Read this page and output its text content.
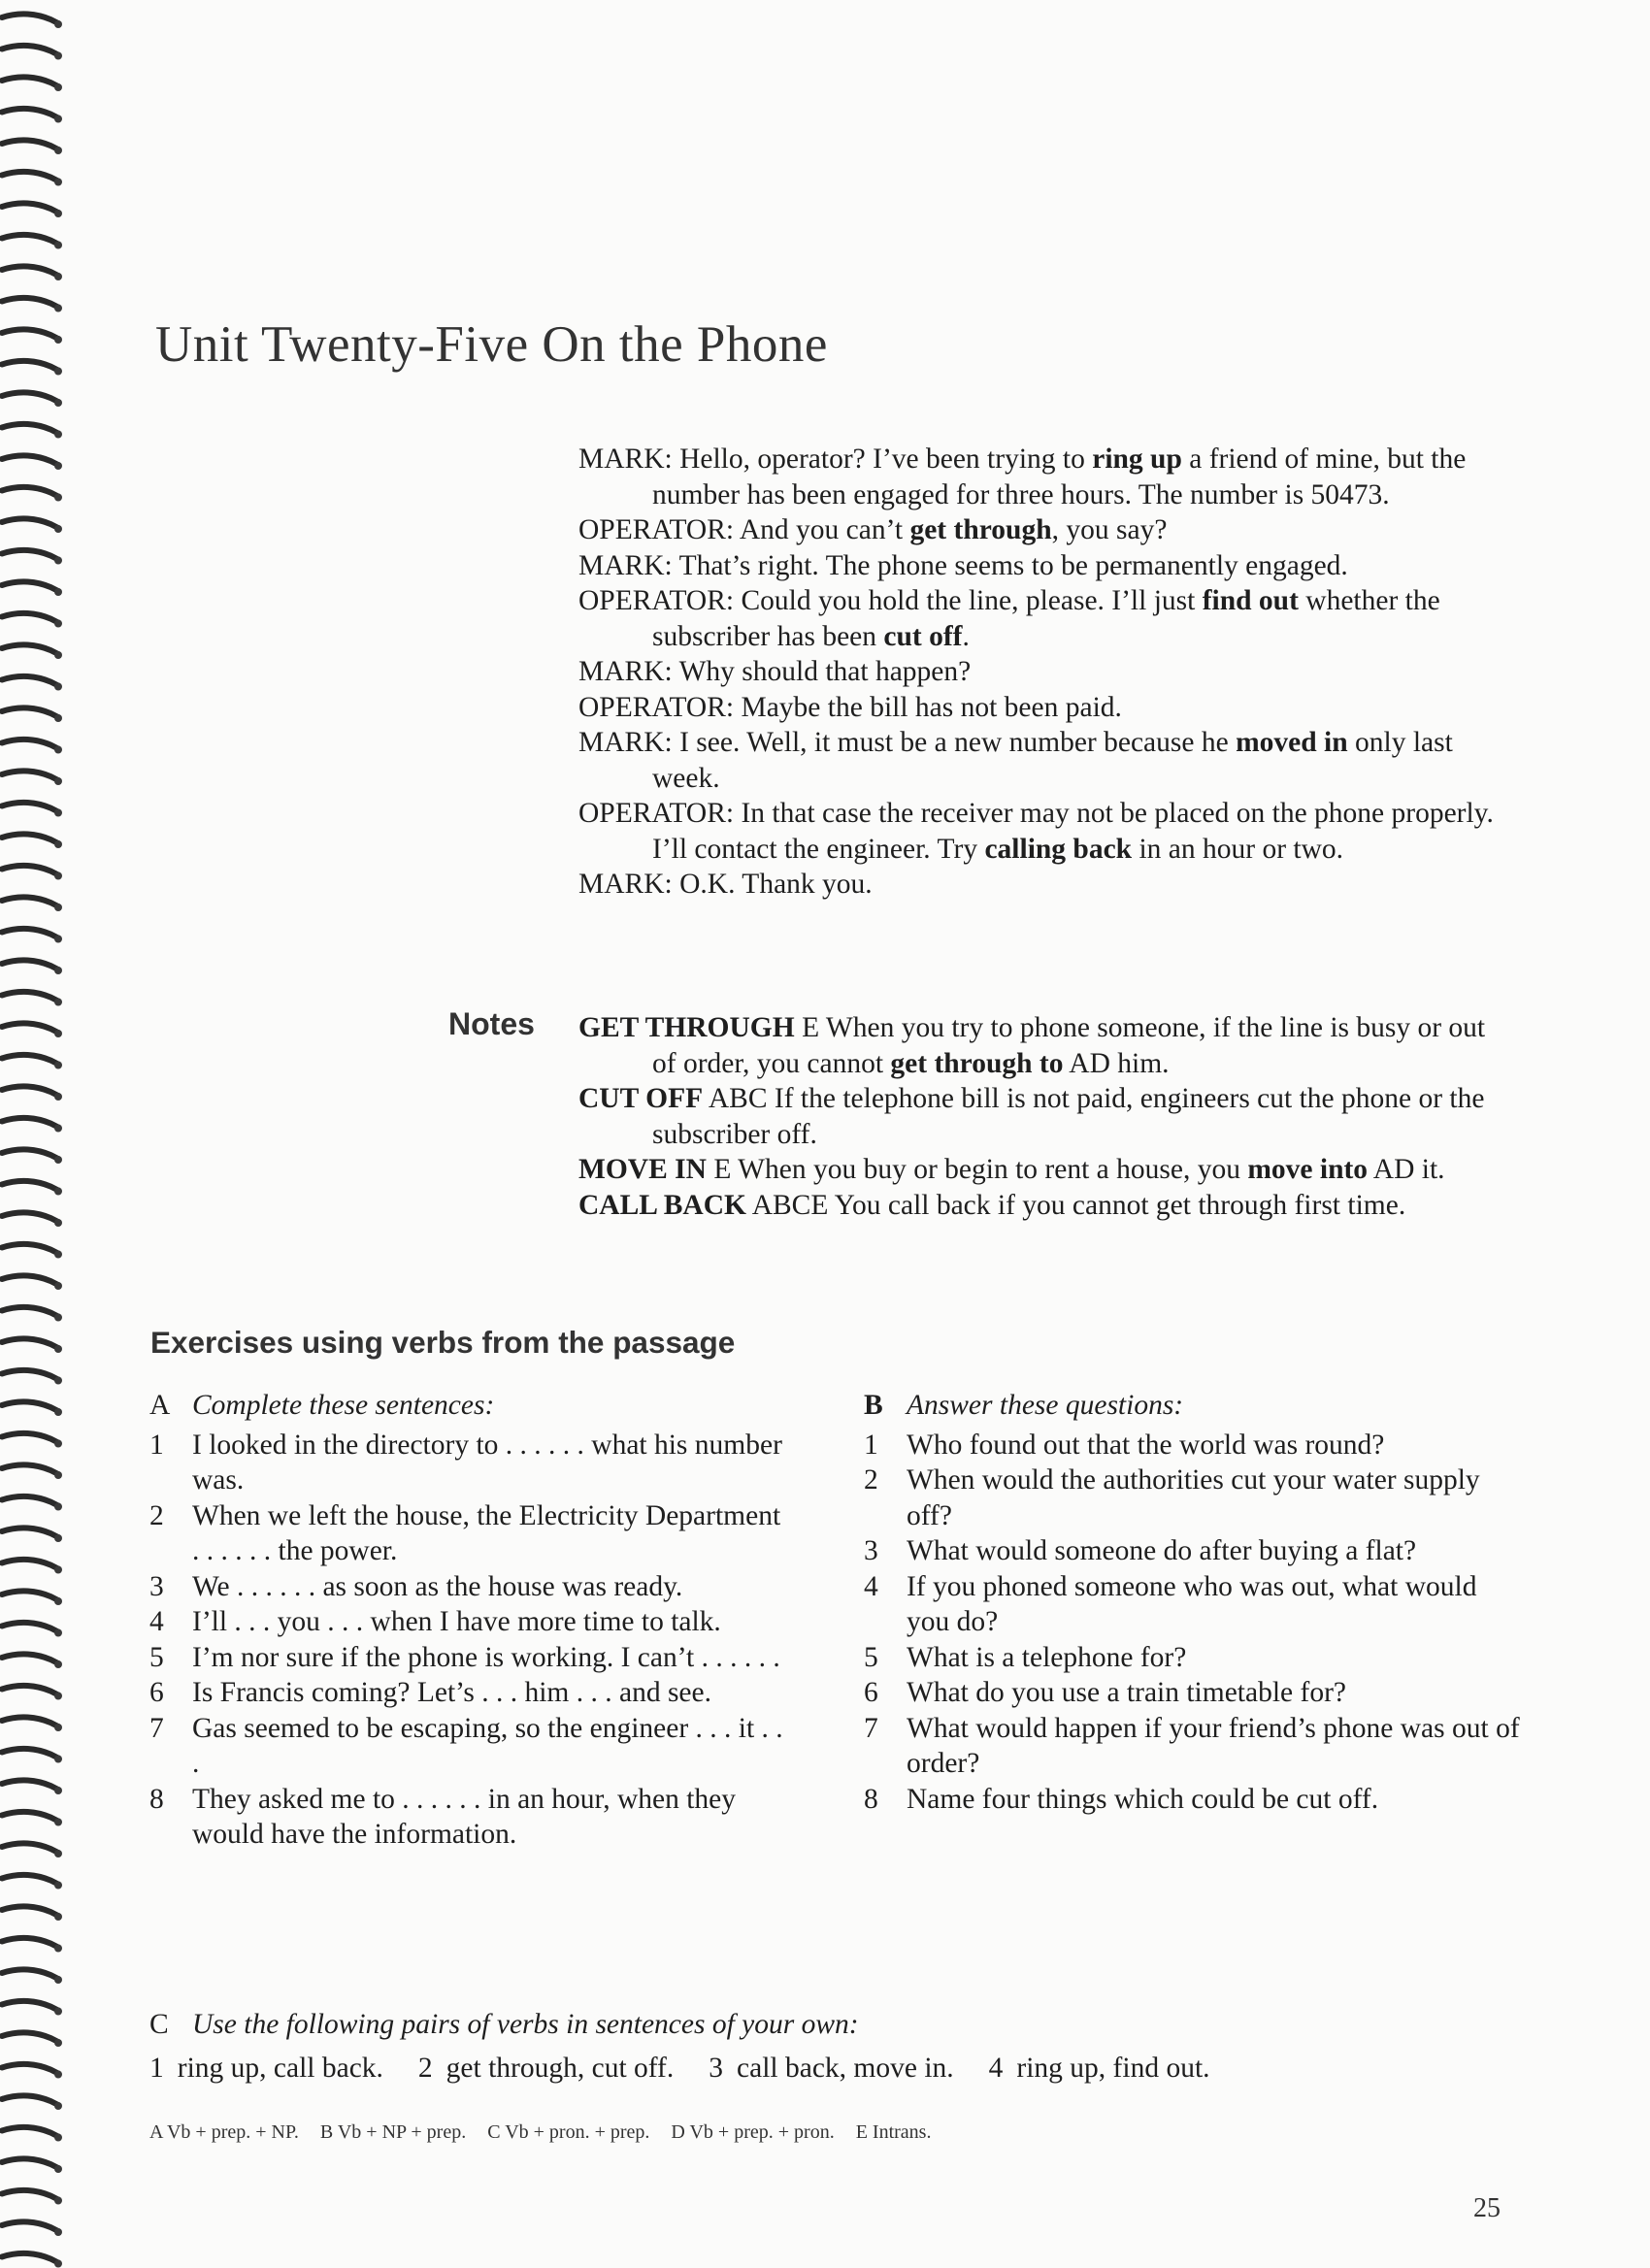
Unit Twenty-Five On the Phone

MARK: Hello, operator? I’ve been trying to ring up a friend of mine, but the number has been engaged for three hours. The number is 50473.

OPERATOR: And you can’t get through, you say?

MARK: That’s right. The phone seems to be permanently engaged.

OPERATOR: Could you hold the line, please. I’ll just find out whether the subscriber has been cut off.

MARK: Why should that happen?

OPERATOR: Maybe the bill has not been paid.

MARK: I see. Well, it must be a new number because he moved in only last week.

OPERATOR: In that case the receiver may not be placed on the phone properly. I’ll contact the engineer. Try calling back in an hour or two.

MARK: O.K. Thank you.

Notes GET THROUGH E When you try to phone someone, if the line is busy or out of order, you cannot get through to AD him.

CUT OFF ABC If the telephone bill is not paid, engineers cut the phone or the subscriber off.

MOVE IN E When you buy or begin to rent a house, you move into AD it.

CALL BACK ABCE You call back if you cannot get through first time.

Exercises using verbs from the passage

A Complete these sentences:

1 I looked in the directory to . . . . . . what his number was.

2 When we left the house, the Electricity Department . . . . . . the power.

3 We . . . . . . as soon as the house was ready.

4 I’ll . . . you . . . when I have more time to talk.

5 I’m nor sure if the phone is working. I can’t . . . . . .

6 Is Francis coming? Let’s . . . him . . . and see.

7 Gas seemed to be escaping, so the engineer . . . it . . .

8 They asked me to . . . . . . in an hour, when they would have the information.

B Answer these questions:

1 Who found out that the world was round?

2 When would the authorities cut your water supply off?

3 What would someone do after buying a flat?

4 If you phoned someone who was out, what would you do?

5 What is a telephone for?

6 What do you use a train timetable for?

7 What would happen if your friend’s phone was out of order?

8 Name four things which could be cut off.

C Use the following pairs of verbs in sentences of your own:

1 ring up, call back. 2 get through, cut off. 3 call back, move in. 4 ring up, find out.

A Vb + prep. + NP. B Vb + NP + prep. C Vb + pron. + prep. D Vb + prep. + pron. E Intrans.
25
